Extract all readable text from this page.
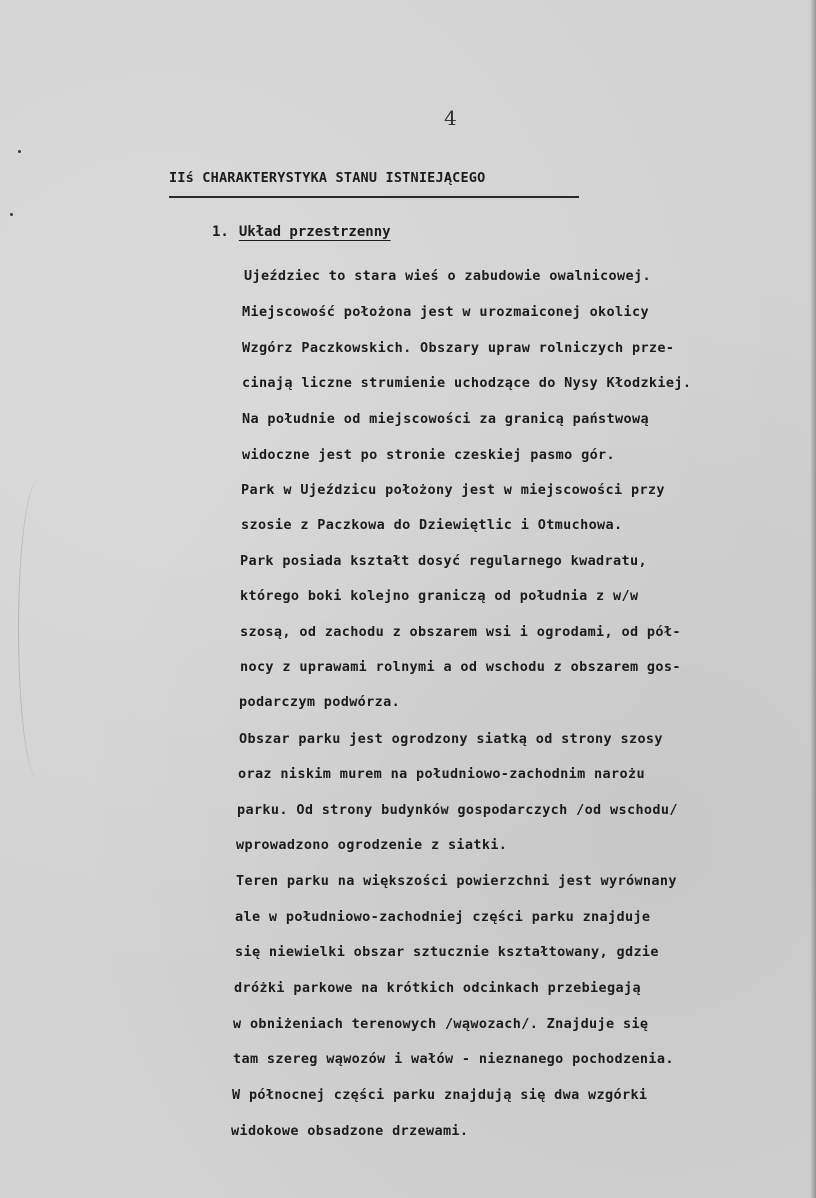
4
IIś CHARAKTERYSTYKA STANU ISTNIEJĄCEGO
1. Układ przestrzenny
Ujeździec to stara wieś o zabudowie owalnicowej.
Miejscowość położona jest w urozmaiconej okolicy
Wzgórz Paczkowskich. Obszary upraw rolniczych prze-
cinają liczne strumienie uchodzące do Nysy Kłodzkiej.
Na południe od miejscowości za granicą państwową
widoczne jest po stronie czeskiej pasmo gór.
Park w Ujeździcu położony jest w miejscowości przy
szosie z Paczkowa do Dziewiętlic i Otmuchowa.
Park posiada kształt dosyć regularnego kwadratu,
którego boki kolejno graniczą od południa z w/w
szosą, od zachodu z obszarem wsi i ogrodami, od pół-
nocy z uprawami rolnymi a od wschodu z obszarem gos-
podarczym podwórza.
Obszar parku jest ogrodzony siatką od strony szosy
oraz niskim murem na południowo-zachodnim narożu
parku. Od strony budynków gospodarczych /od wschodu/
wprowadzono ogrodzenie z siatki.
Teren parku na większości powierzchni jest wyrównany
ale w południowo-zachodniej części parku znajduje
się niewielki obszar sztucznie kształtowany, gdzie
dróżki parkowe na krótkich odcinkach przebiegają
w obniżeniach terenowych /wąwozach/. Znajduje się
tam szereg wąwozów i wałów - nieznanego pochodzenia.
W północnej części parku znajdują się dwa wzgórki
widokowe obsadzone drzewami.
